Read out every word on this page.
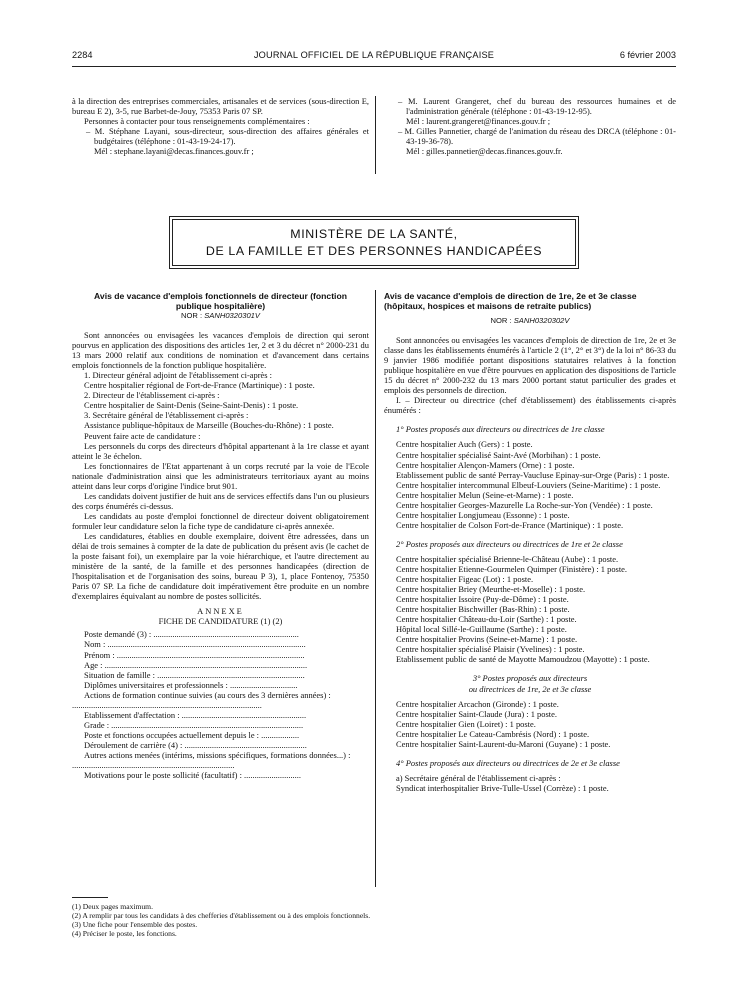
2284	JOURNAL OFFICIEL DE LA RÉPUBLIQUE FRANÇAISE	6 février 2003

à la direction des entreprises commerciales, artisanales et de services (sous-direction E, bureau E 2), 3-5, rue Barbet-de-Jouy, 75353 Paris 07 SP.

Personnes à contacter pour tous renseignements complémentaires :

– M. Stéphane Layani, sous-directeur, sous-direction des affaires générales et budgétaires (téléphone : 01-43-19-24-17).

Mél : stephane.layani@decas.finances.gouv.fr ;

– M. Laurent Grangeret, chef du bureau des ressources humaines et de l'administration générale (téléphone : 01-43-19-12-95).

Mél : laurent.grangeret@finances.gouv.fr ;

– M. Gilles Pannetier, chargé de l'animation du réseau des DRCA (téléphone : 01-43-19-36-78).

Mél : gilles.pannetier@decas.finances.gouv.fr.

MINISTÈRE DE LA SANTÉ,
DE LA FAMILLE ET DES PERSONNES HANDICAPÉES

Avis de vacance d'emplois fonctionnels de directeur (fonction publique hospitalière)

NOR : SANH0320301V

Sont annoncées ou envisagées les vacances d'emplois de direction qui seront pourvus en application des dispositions des articles 1er, 2 et 3 du décret n° 2000-231 du 13 mars 2000 relatif aux conditions de nomination et d'avancement dans certains emplois fonctionnels de la fonction publique hospitalière.

1. Directeur général adjoint de l'établissement ci-après :

Centre hospitalier régional de Fort-de-France (Martinique) : 1 poste.

2. Directeur de l'établissement ci-après :

Centre hospitalier de Saint-Denis (Seine-Saint-Denis) : 1 poste.

3. Secrétaire général de l'établissement ci-après :

Assistance publique-hôpitaux de Marseille (Bouches-du-Rhône) : 1 poste.

Peuvent faire acte de candidature :

Les personnels du corps des directeurs d'hôpital appartenant à la 1re classe et ayant atteint le 3e échelon.

Les fonctionnaires de l'Etat appartenant à un corps recruté par la voie de l'Ecole nationale d'administration ainsi que les administrateurs territoriaux ayant au moins atteint dans leur corps d'origine l'indice brut 901.

Les candidats doivent justifier de huit ans de services effectifs dans l'un ou plusieurs des corps énumérés ci-dessus.

Les candidats au poste d'emploi fonctionnel de directeur doivent obligatoirement formuler leur candidature selon la fiche type de candidature ci-après annexée.

Les candidatures, établies en double exemplaire, doivent être adressées, dans un délai de trois semaines à compter de la date de publication du présent avis (le cachet de la poste faisant foi), un exemplaire par la voie hiérarchique, et l'autre directement au ministère de la santé, de la famille et des personnes handicapées (direction de l'hospitalisation et de l'organisation des soins, bureau P 3), 1, place Fontenoy, 75350 Paris 07 SP. La fiche de candidature doit impérativement être produite en un nombre d'exemplaires équivalant au nombre de postes sollicités.

ANNEXE

FICHE DE CANDIDATURE (1) (2)

Poste demandé (3) : .....................................................................

Nom : ..............................................................................................

Prénom : .........................................................................................

Age : ................................................................................................

Situation de famille : ......................................................................

Diplômes universitaires et professionnels : ................................

Actions de formation continue suivies (au cours des 3 dernières années) : ..........................................................................................

Etablissement d'affectation : ...........................................................

Grade : ...........................................................................................

Poste et fonctions occupées actuellement depuis le : ..................

Déroulement de carrière (4) : ..........................................................

Autres actions menées (intérims, missions spécifiques, formations données...) : .............................................................................

Motivations pour le poste sollicité (facultatif) : ...........................

(1) Deux pages maximum.

(2) A remplir par tous les candidats à des chefferies d'établissement ou à des emplois fonctionnels.

(3) Une fiche pour l'ensemble des postes.

(4) Préciser le poste, les fonctions.

Avis de vacance d'emplois de direction de 1re, 2e et 3e classe (hôpitaux, hospices et maisons de retraite publics)

NOR : SANH0320302V

Sont annoncées ou envisagées les vacances d'emplois de direction de 1re, 2e et 3e classe dans les établissements énumérés à l'article 2 (1°, 2° et 3°) de la loi n° 86-33 du 9 janvier 1986 modifiée portant dispositions statutaires relatives à la fonction publique hospitalière en vue d'être pourvues en application des dispositions de l'article 15 du décret n° 2000-232 du 13 mars 2000 portant statut particulier des grades et emplois des personnels de direction.

I. – Directeur ou directrice (chef d'établissement) des établissements ci-après énumérés :

1° Postes proposés aux directeurs ou directrices de 1re classe

Centre hospitalier Auch (Gers) : 1 poste.

Centre hospitalier spécialisé Saint-Avé (Morbihan) : 1 poste.

Centre hospitalier Alençon-Mamers (Orne) : 1 poste.

Etablissement public de santé Perray-Vaucluse Epinay-sur-Orge (Paris) : 1 poste.

Centre hospitalier intercommunal Elbeuf-Louviers (Seine-Maritime) : 1 poste.

Centre hospitalier Melun (Seine-et-Marne) : 1 poste.

Centre hospitalier Georges-Mazurelle La Roche-sur-Yon (Vendée) : 1 poste.

Centre hospitalier Longjumeau (Essonne) : 1 poste.

Centre hospitalier de Colson Fort-de-France (Martinique) : 1 poste.

2° Postes proposés aux directeurs ou directrices de 1re et 2e classe

Centre hospitalier spécialisé Brienne-le-Château (Aube) : 1 poste.

Centre hospitalier Etienne-Gourmelen Quimper (Finistère) : 1 poste.

Centre hospitalier Figeac (Lot) : 1 poste.

Centre hospitalier Briey (Meurthe-et-Moselle) : 1 poste.

Centre hospitalier Issoire (Puy-de-Dôme) : 1 poste.

Centre hospitalier Bischwiller (Bas-Rhin) : 1 poste.

Centre hospitalier Château-du-Loir (Sarthe) : 1 poste.

Hôpital local Sillé-le-Guillaume (Sarthe) : 1 poste.

Centre hospitalier Provins (Seine-et-Marne) : 1 poste.

Centre hospitalier spécialisé Plaisir (Yvelines) : 1 poste.

Etablissement public de santé de Mayotte Mamoudzou (Mayotte) : 1 poste.

3° Postes proposés aux directeurs

ou directrices de 1re, 2e et 3e classe

Centre hospitalier Arcachon (Gironde) : 1 poste.

Centre hospitalier Saint-Claude (Jura) : 1 poste.

Centre hospitalier Gien (Loiret) : 1 poste.

Centre hospitalier Le Cateau-Cambrésis (Nord) : 1 poste.

Centre hospitalier Saint-Laurent-du-Maroni (Guyane) : 1 poste.

4° Postes proposés aux directeurs ou directrices de 2e et 3e classe

a) Secrétaire général de l'établissement ci-après :

Syndicat interhospitalier Brive-Tulle-Ussel (Corrèze) : 1 poste.
